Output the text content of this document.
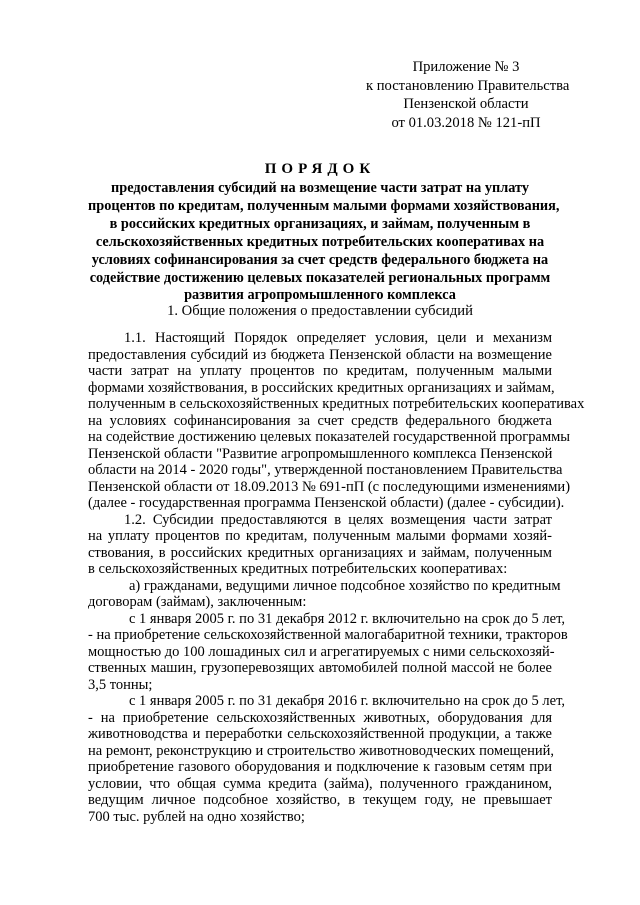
Приложение № 3
к постановлению Правительства
Пензенской области
от 01.03.2018 № 121-пП
ПОРЯДОК
предоставления субсидий на возмещение части затрат на уплату
процентов по кредитам, полученным малыми формами хозяйствования,
в российских кредитных организациях, и займам, полученным в
сельскохозяйственных кредитных потребительских кооперативах на
условиях софинансирования за счет средств федерального бюджета на
содействие достижению целевых показателей региональных программ
развития агропромышленного комплекса
1. Общие положения о предоставлении субсидий
1.1. Настоящий Порядок определяет условия, цели и механизм
предоставления субсидий из бюджета Пензенской области на возмещение
части затрат на уплату процентов по кредитам, полученным малыми
формами хозяйствования, в российских кредитных организациях и займам,
полученным в сельскохозяйственных кредитных потребительских кооперативах
на условиях софинансирования за счет средств федерального бюджета
на содействие достижению целевых показателей государственной программы
Пензенской области "Развитие агропромышленного комплекса Пензенской
области на 2014 - 2020 годы", утвержденной постановлением Правительства
Пензенской области от 18.09.2013 № 691-пП (с последующими изменениями)
(далее - государственная программа Пензенской области) (далее - субсидии).
1.2. Субсидии предоставляются в целях возмещения части затрат
на уплату процентов по кредитам, полученным малыми формами хозяй-
ствования, в российских кредитных организациях и займам, полученным
в сельскохозяйственных кредитных потребительских кооперативах:
а) гражданами, ведущими личное подсобное хозяйство по кредитным
договорам (займам), заключенным:
с 1 января 2005 г. по 31 декабря 2012 г. включительно на срок до 5 лет,
- на приобретение сельскохозяйственной малогабаритной техники, тракторов
мощностью до 100 лошадиных сил и агрегатируемых с ними сельскохозяй-
ственных машин, грузоперевозящих автомобилей полной массой не более
3,5 тонны;
с 1 января 2005 г. по 31 декабря 2016 г. включительно на срок до 5 лет,
- на приобретение сельскохозяйственных животных, оборудования для
животноводства и переработки сельскохозяйственной продукции, а также
на ремонт, реконструкцию и строительство животноводческих помещений,
приобретение газового оборудования и подключение к газовым сетям при
условии, что общая сумма кредита (займа), полученного гражданином,
ведущим личное подсобное хозяйство, в текущем году, не превышает
700 тыс. рублей на одно хозяйство;
